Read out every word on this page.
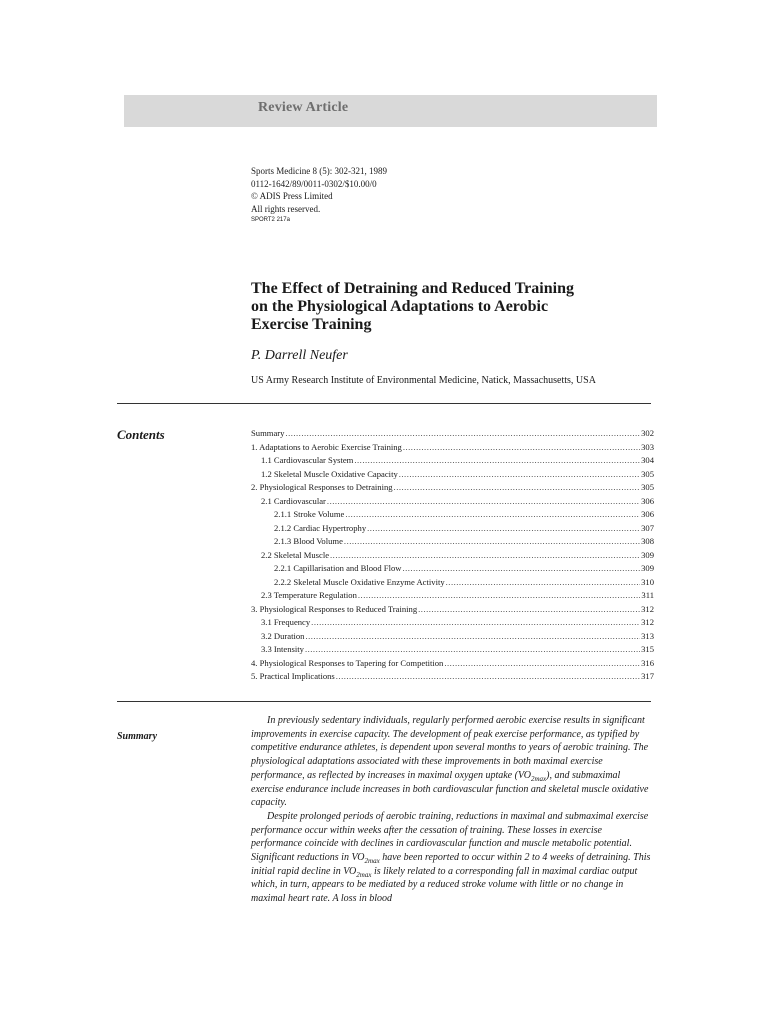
Review Article
Sports Medicine 8 (5): 302-321, 1989
0112-1642/89/0011-0302/$10.00/0
© ADIS Press Limited
All rights reserved.
SPORT2 217a
The Effect of Detraining and Reduced Training
on the Physiological Adaptations to Aerobic
Exercise Training
P. Darrell Neufer
US Army Research Institute of Environmental Medicine, Natick, Massachusetts, USA
Contents	Summary .....	302
1. Adaptations to Aerobic Exercise Training .....	303
1.1 Cardiovascular System .....	304
1.2 Skeletal Muscle Oxidative Capacity .....	305
2. Physiological Responses to Detraining .....	305
2.1 Cardiovascular .....	306
2.1.1 Stroke Volume .....	306
2.1.2 Cardiac Hypertrophy .....	307
2.1.3 Blood Volume .....	308
2.2 Skeletal Muscle .....	309
2.2.1 Capillarisation and Blood Flow .....	309
2.2.2 Skeletal Muscle Oxidative Enzyme Activity .....	310
2.3 Temperature Regulation .....	311
3. Physiological Responses to Reduced Training .....	312
3.1 Frequency .....	312
3.2 Duration .....	313
3.3 Intensity .....	315
4. Physiological Responses to Tapering for Competition .....	316
5. Practical Implications .....	317
Summary

In previously sedentary individuals, regularly performed aerobic exercise results in significant improvements in exercise capacity. The development of peak exercise performance, as typified by competitive endurance athletes, is dependent upon several months to years of aerobic training. The physiological adaptations associated with these improvements in both maximal exercise performance, as reflected by increases in maximal oxygen uptake $(VO_{2max})$, and submaximal exercise endurance include increases in both cardiovascular function and skeletal muscle oxidative capacity.

Despite prolonged periods of aerobic training, reductions in maximal and submaximal exercise performance occur within weeks after the cessation of training. These losses in exercise performance coincide with declines in cardiovascular function and muscle metabolic potential. Significant reductions in $VO_{2max}$ have been reported to occur within 2 to 4 weeks of detraining. This initial rapid decline in $VO_{2max}$ is likely related to a corresponding fall in maximal cardiac output which, in turn, appears to be mediated by a reduced stroke volume with little or no change in maximal heart rate. A loss in blood
